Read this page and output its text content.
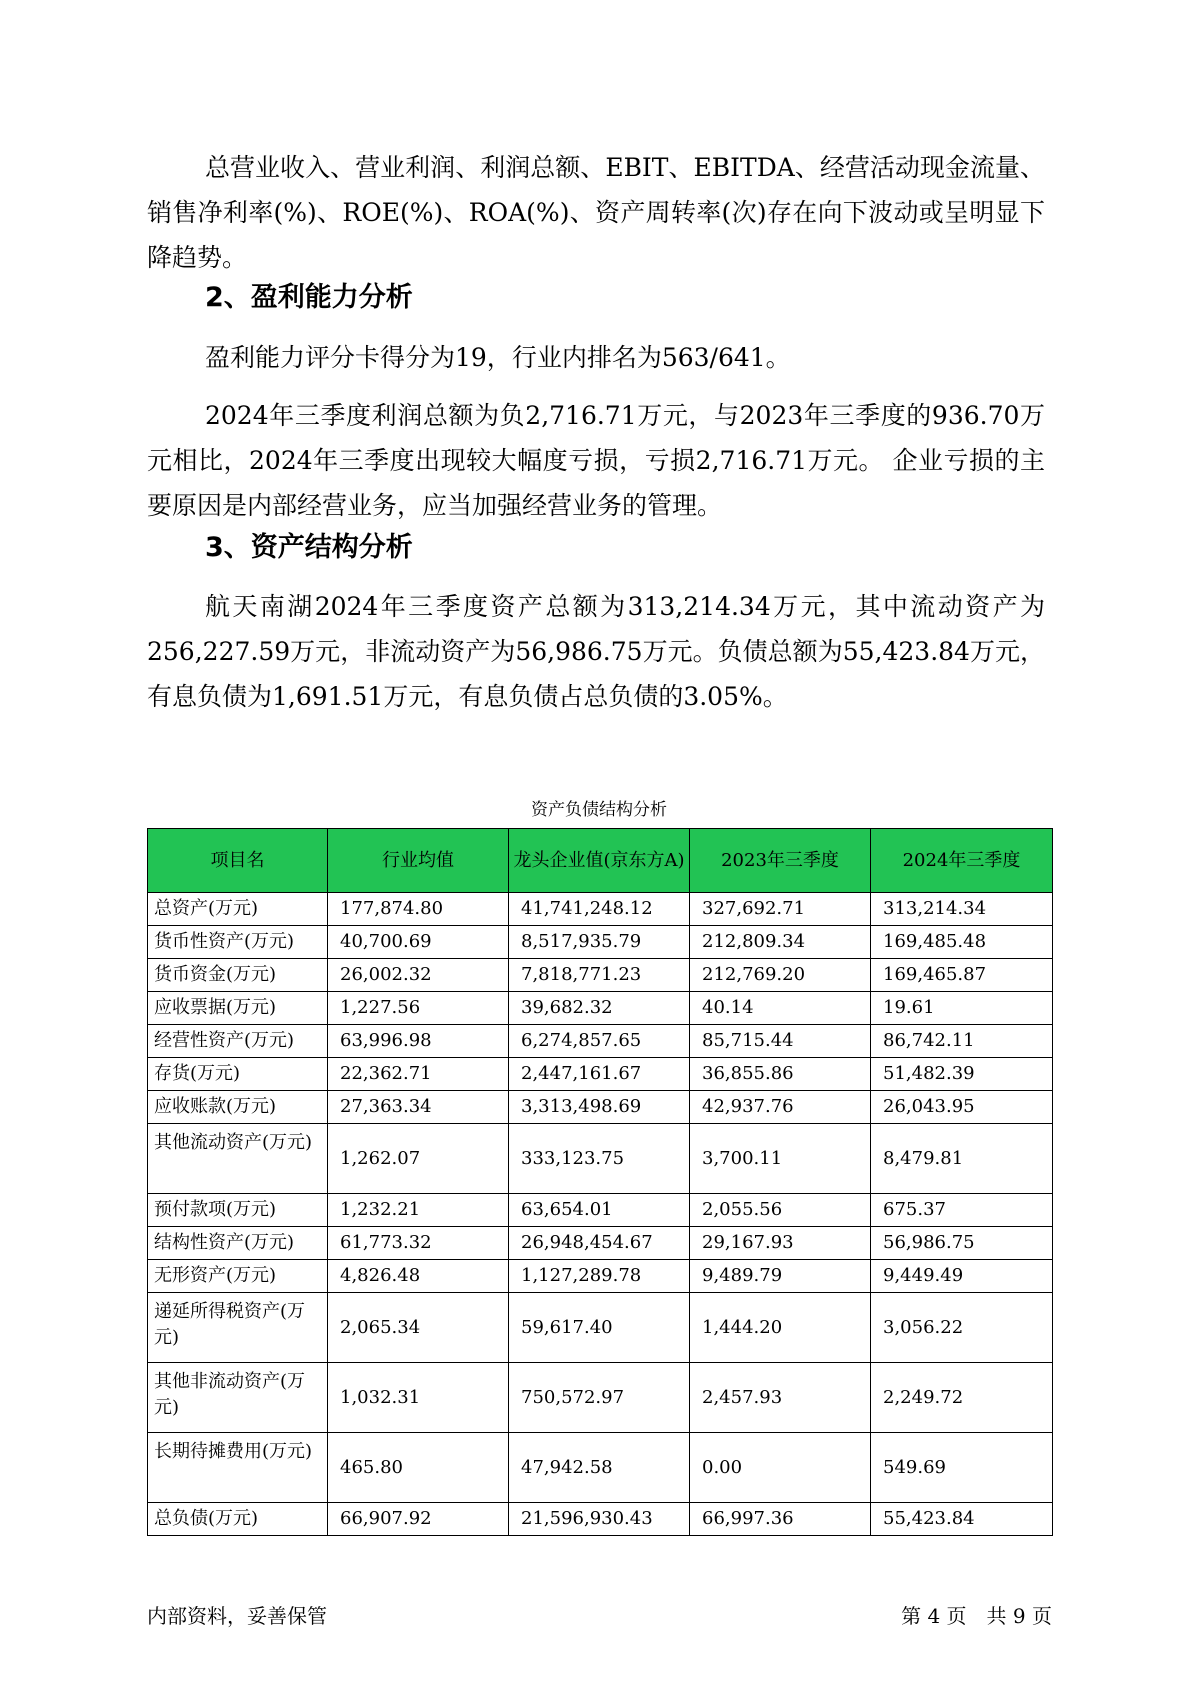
总营业收入、营业利润、利润总额、EBIT、EBITDA、经营活动现金流量、销售净利率(%)、ROE(%)、ROA(%)、资产周转率(次)存在向下波动或呈明显下降趋势。

2、盈利能力分析

盈利能力评分卡得分为19，行业内排名为563/641。

2024年三季度利润总额为负2,716.71万元，与2023年三季度的936.70万元相比，2024年三季度出现较大幅度亏损，亏损2,716.71万元。 企业亏损的主要原因是内部经营业务，应当加强经营业务的管理。

3、资产结构分析

航天南湖2024年三季度资产总额为313,214.34万元，其中流动资产为256,227.59万元，非流动资产为56,986.75万元。负债总额为55,423.84万元，有息负债为1,691.51万元，有息负债占总负债的3.05%。

资产负债结构分析
项目名	行业均值	龙头企业值(京东方A)	2023年三季度	2024年三季度
总资产(万元)	177,874.80	41,741,248.12	327,692.71	313,214.34
货币性资产(万元)	40,700.69	8,517,935.79	212,809.34	169,485.48
货币资金(万元)	26,002.32	7,818,771.23	212,769.20	169,465.87
应收票据(万元)	1,227.56	39,682.32	40.14	19.61
经营性资产(万元)	63,996.98	6,274,857.65	85,715.44	86,742.11
存货(万元)	22,362.71	2,447,161.67	36,855.86	51,482.39
应收账款(万元)	27,363.34	3,313,498.69	42,937.76	26,043.95
其他流动资产(万元)	1,262.07	333,123.75	3,700.11	8,479.81
预付款项(万元)	1,232.21	63,654.01	2,055.56	675.37
结构性资产(万元)	61,773.32	26,948,454.67	29,167.93	56,986.75
无形资产(万元)	4,826.48	1,127,289.78	9,489.79	9,449.49
递延所得税资产(万元)	2,065.34	59,617.40	1,444.20	3,056.22
其他非流动资产(万元)	1,032.31	750,572.97	2,457.93	2,249.72
长期待摊费用(万元)	465.80	47,942.58	0.00	549.69
总负债(万元)	66,907.92	21,596,930.43	66,997.36	55,423.84
内部资料，妥善保管	第 4 页　共 9 页
